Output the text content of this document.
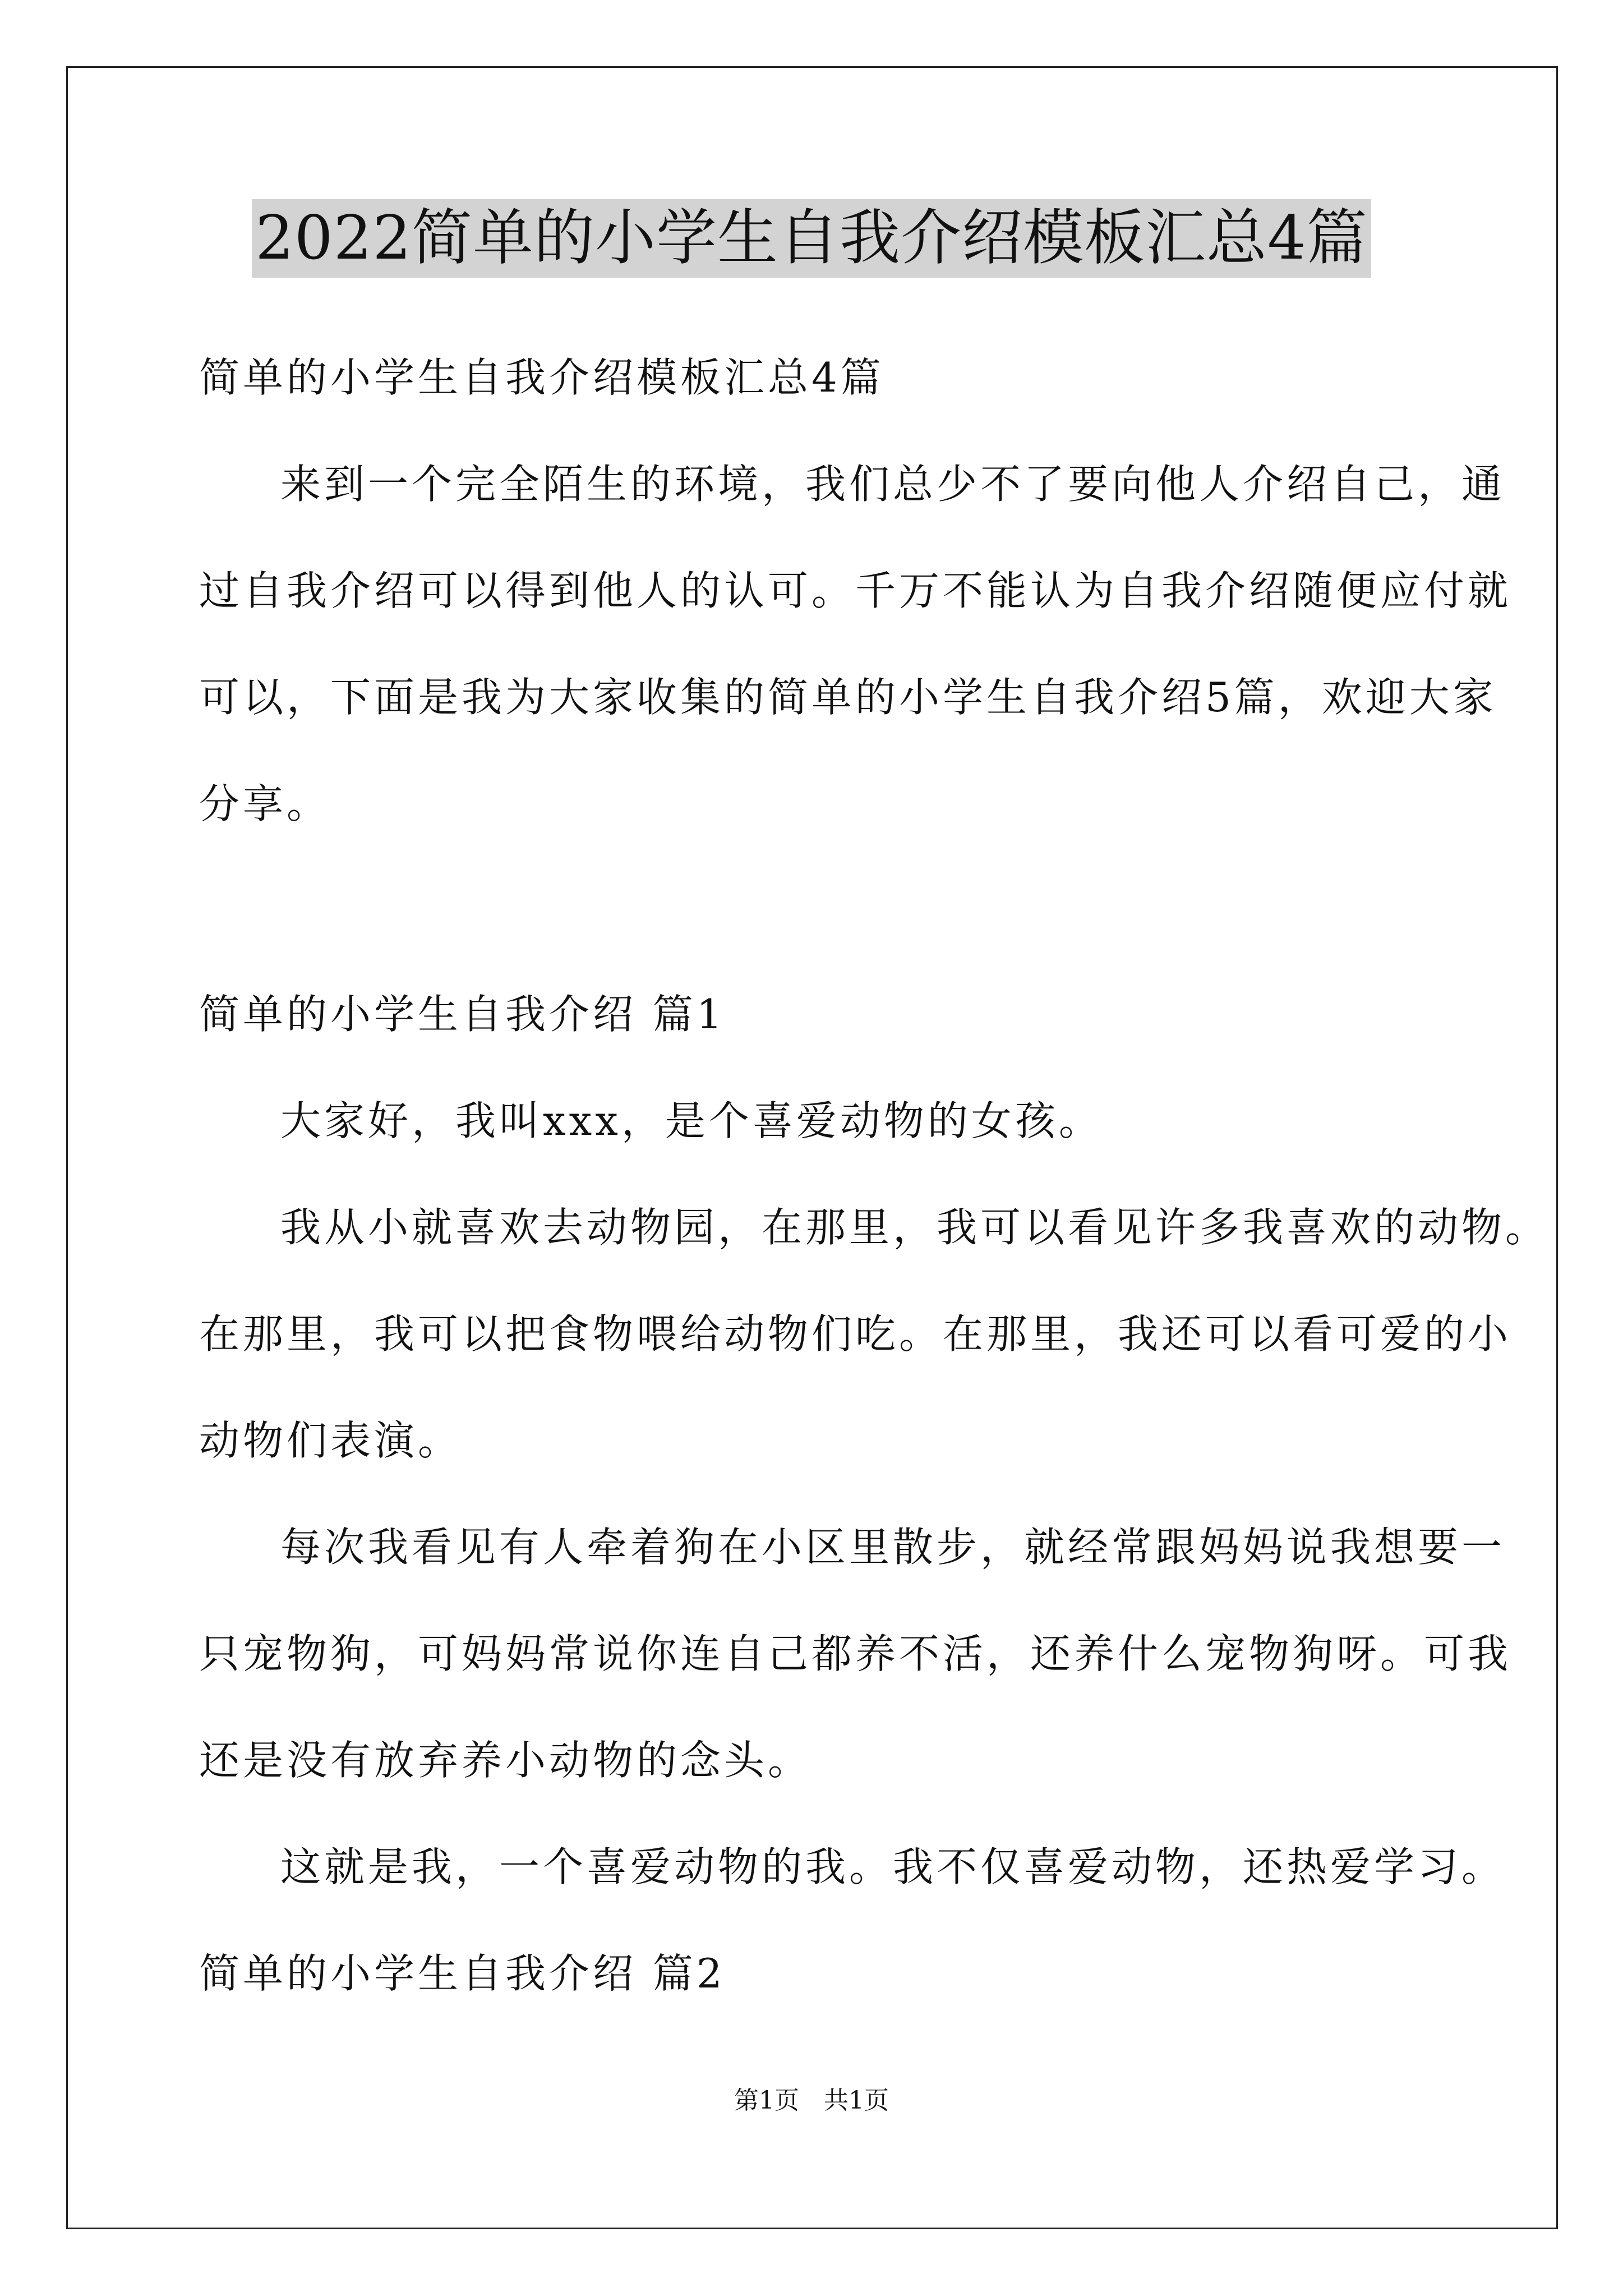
2022简单的小学生自我介绍模板汇总4篇
简单的小学生自我介绍模板汇总4篇
来到一个完全陌生的环境，我们总少不了要向他人介绍自己，通
过自我介绍可以得到他人的认可。千万不能认为自我介绍随便应付就
可以，下面是我为大家收集的简单的小学生自我介绍5篇，欢迎大家
分享。
简单的小学生自我介绍 篇1
大家好，我叫xxx，是个喜爱动物的女孩。
我从小就喜欢去动物园，在那里，我可以看见许多我喜欢的动物。
在那里，我可以把食物喂给动物们吃。在那里，我还可以看可爱的小
动物们表演。
每次我看见有人牵着狗在小区里散步，就经常跟妈妈说我想要一
只宠物狗，可妈妈常说你连自己都养不活，还养什么宠物狗呀。可我
还是没有放弃养小动物的念头。
这就是我，一个喜爱动物的我。我不仅喜爱动物，还热爱学习。
简单的小学生自我介绍 篇2
第1页　共1页
